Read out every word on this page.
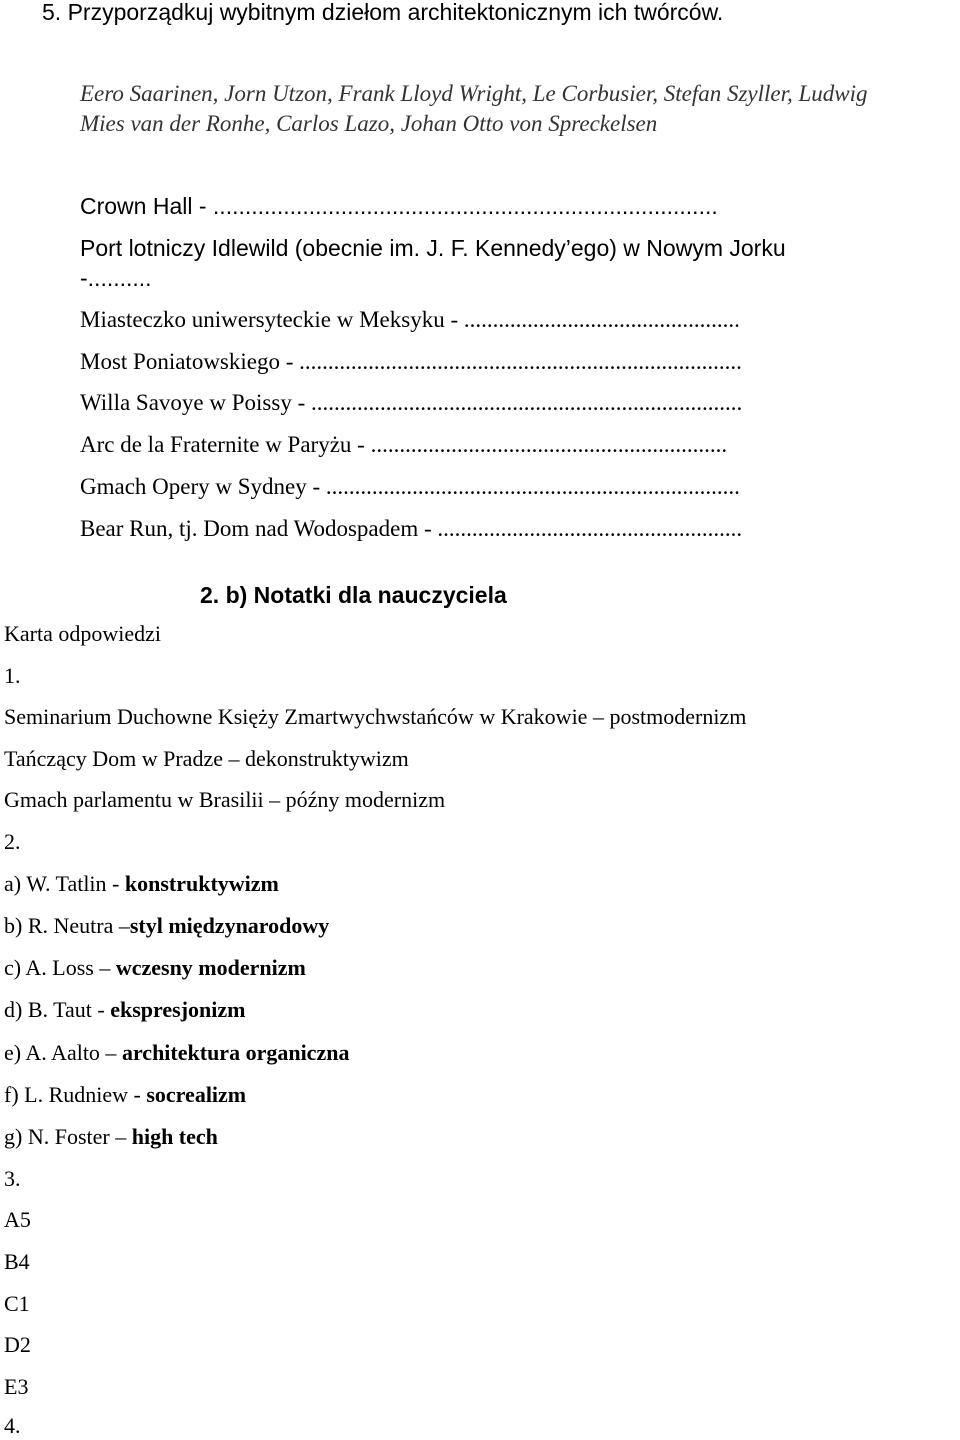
5. Przyporządkuj wybitnym dziełom architektonicznym ich twórców.
Eero Saarinen, Jorn Utzon, Frank Lloyd Wright, Le Corbusier, Stefan Szyller, Ludwig
Mies van der Ronhe, Carlos Lazo, Johan Otto von Spreckelsen
Crown Hall - ...............................................................................
Port lotniczy Idlewild (obecnie im. J. F. Kennedy’ego) w Nowym Jorku
-..........
Miasteczko uniwersyteckie w Meksyku - ................................................
Most Poniatowskiego - .............................................................................
Willa Savoye w Poissy - ...........................................................................
Arc de la Fraternite w Paryżu - ..............................................................
Gmach Opery w Sydney - ........................................................................
Bear Run, tj. Dom nad Wodospadem - .....................................................
2. b) Notatki dla nauczyciela
Karta odpowiedzi
1.
Seminarium Duchowne Księży Zmartwychwstańców w Krakowie – postmodernizm
Tańczący Dom w Pradze – dekonstruktywizm
Gmach parlamentu w Brasilii – późny modernizm
2.
a) W. Tatlin - konstruktywizm
b) R. Neutra –styl międzynarodowy
c) A. Loss – wczesny modernizm
d) B. Taut - ekspresjonizm
e) A. Aalto – architektura organiczna
f) L. Rudniew - socrealizm
g) N. Foster – high tech
3.
A5
B4
C1
D2
E3
4.
